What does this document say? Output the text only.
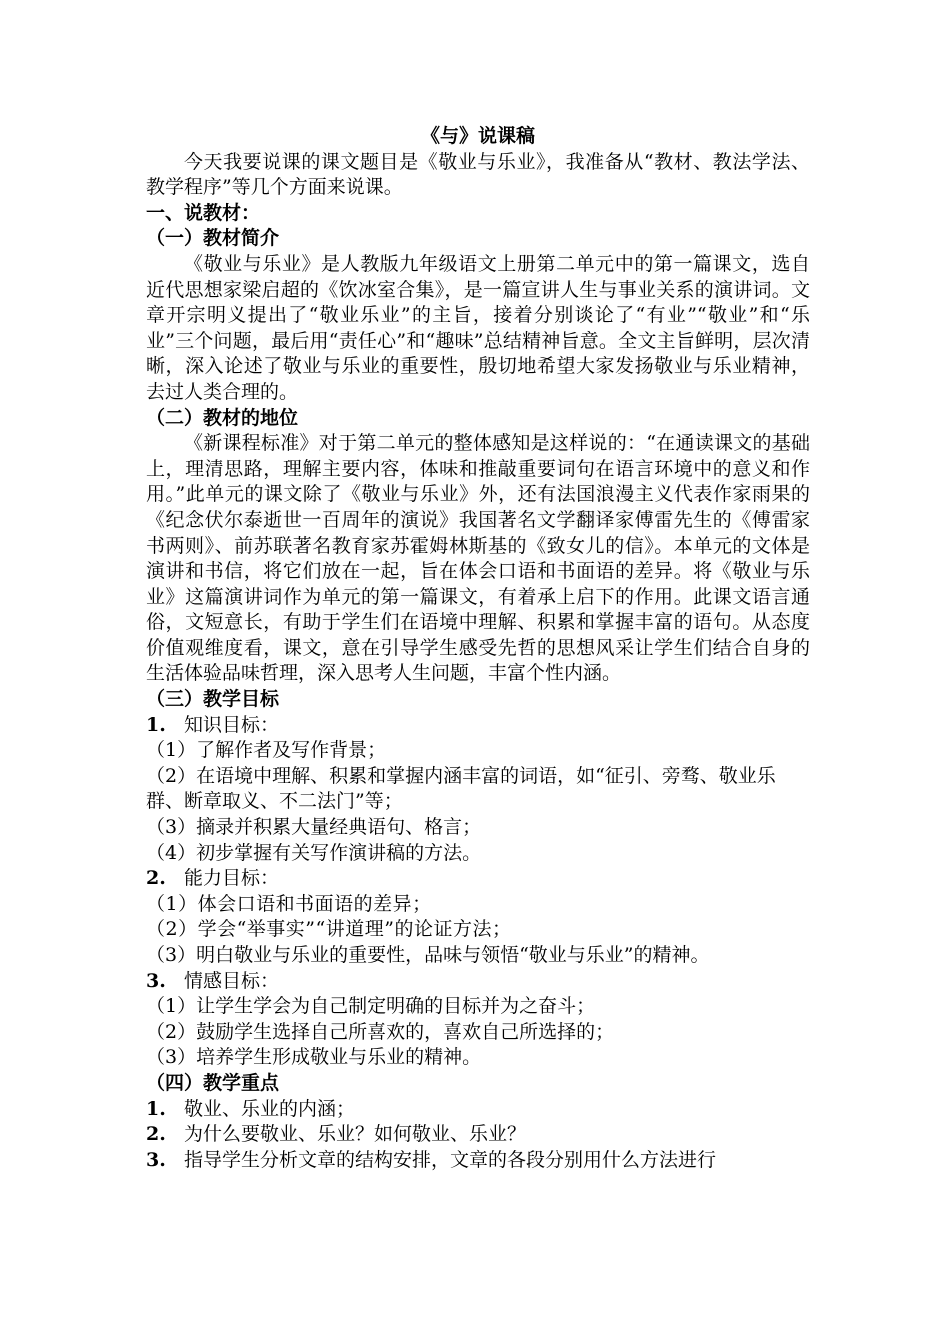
《与》说课稿
今天我要说课的课文题目是《敬业与乐业》，我准备从“教材、教法学法、教学程序”等几个方面来说课。
一、说教材：
（一）教材简介
《敬业与乐业》是人教版九年级语文上册第二单元中的第一篇课文，选自近代思想家梁启超的《饮冰室合集》，是一篇宣讲人生与事业关系的演讲词。文章开宗明义提出了“敬业乐业”的主旨，接着分别谈论了“有业”“敬业”和“乐业”三个问题，最后用“责任心”和“趣味”总结精神旨意。全文主旨鲜明，层次清晰，深入论述了敬业与乐业的重要性，殷切地希望大家发扬敬业与乐业精神，去过人类合理的。
（二）教材的地位
《新课程标准》对于第二单元的整体感知是这样说的：“在通读课文的基础上，理清思路，理解主要内容，体味和推敲重要词句在语言环境中的意义和作用。”此单元的课文除了《敬业与乐业》外，还有法国浪漫主义代表作家雨果的《纪念伏尔泰逝世一百周年的演说》我国著名文学翻译家傅雷先生的《傅雷家书两则》、前苏联著名教育家苏霍姆林斯基的《致女儿的信》。本单元的文体是演讲和书信，将它们放在一起，旨在体会口语和书面语的差异。将《敬业与乐业》这篇演讲词作为单元的第一篇课文，有着承上启下的作用。此课文语言通俗，文短意长，有助于学生们在语境中理解、积累和掌握丰富的语句。从态度价值观维度看，课文，意在引导学生感受先哲的思想风采让学生们结合自身的生活体验品味哲理，深入思考人生问题，丰富个性内涵。
（三）教学目标
1. 知识目标：
（1）了解作者及写作背景；
（2）在语境中理解、积累和掌握内涵丰富的词语，如“征引、旁骛、敬业乐群、断章取义、不二法门”等；
（3）摘录并积累大量经典语句、格言；
（4）初步掌握有关写作演讲稿的方法。
2. 能力目标：
（1）体会口语和书面语的差异；
（2）学会“举事实”“讲道理”的论证方法；
（3）明白敬业与乐业的重要性，品味与领悟“敬业与乐业”的精神。
3. 情感目标：
（1）让学生学会为自己制定明确的目标并为之奋斗；
（2）鼓励学生选择自己所喜欢的，喜欢自己所选择的；
（3）培养学生形成敬业与乐业的精神。
（四）教学重点
1. 敬业、乐业的内涵；
2. 为什么要敬业、乐业？如何敬业、乐业？
3. 指导学生分析文章的结构安排，文章的各段分别用什么方法进行
